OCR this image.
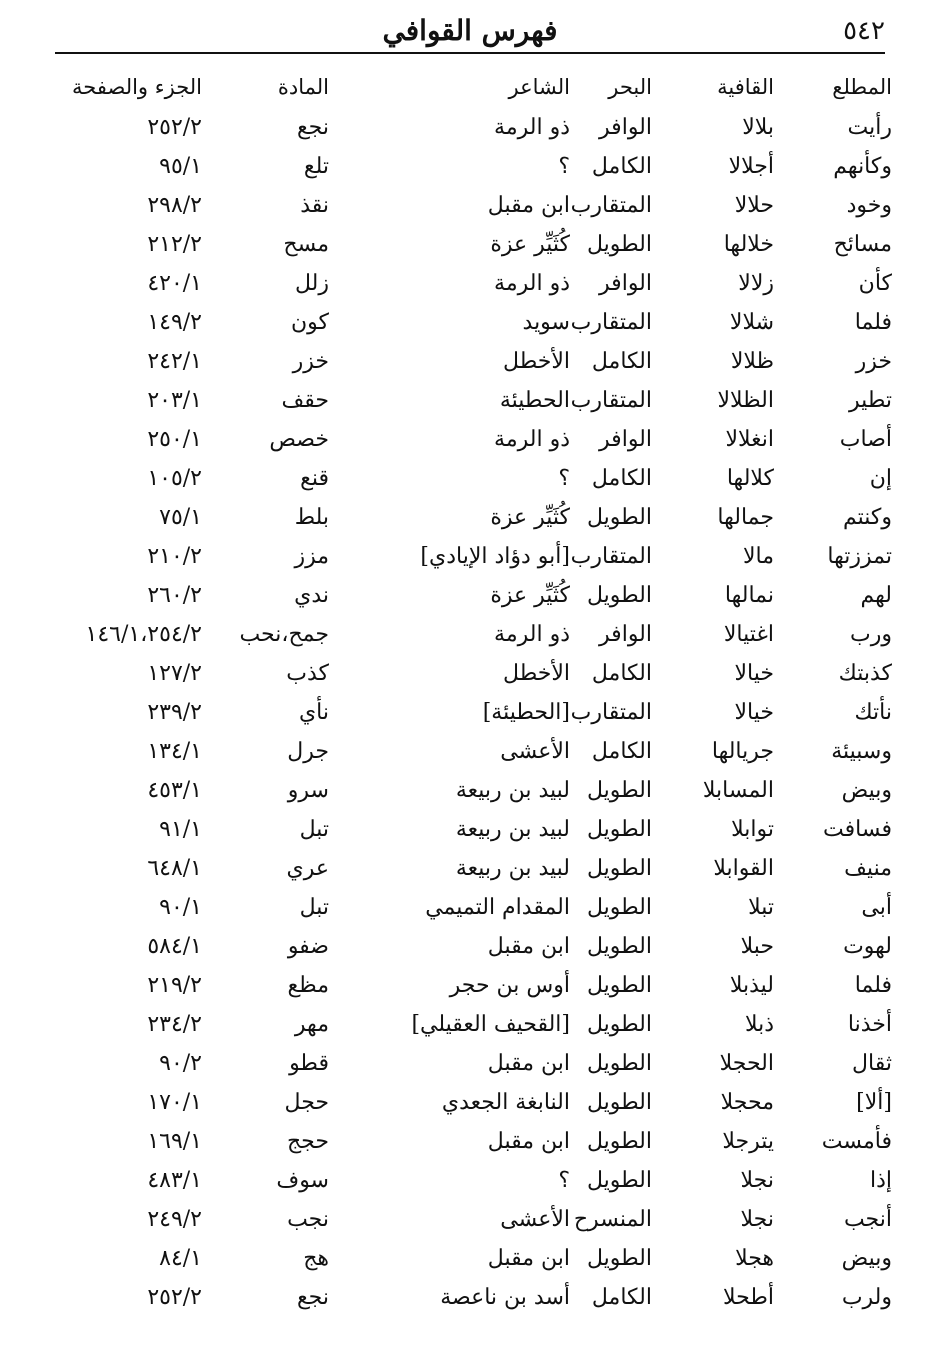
٥٤٢
فهرس القوافي
المطلع
القافية
البحر
الشاعر
المادة
الجزء والصفحة
رأيت
بلالا
الوافر
ذو الرمة
نجع
٢٥٢/٢
وكأنهم
أجلالا
الكامل
؟
تلع
٩٥/١
وخود
حلالا
المتقارب
ابن مقبل
نقذ
٢٩٨/٢
مسائح
خلالها
الطويل
كُثَيِّر عزة
مسح
٢١٢/٢
كأن
زلالا
الوافر
ذو الرمة
زلل
٤٢٠/١
فلما
شلالا
المتقارب
سويد
كون
١٤٩/٢
خزر
ظلالا
الكامل
الأخطل
خزر
٢٤٢/١
تطير
الظلالا
المتقارب
الحطيئة
حقف
٢٠٣/١
أصاب
انغلالا
الوافر
ذو الرمة
خصص
٢٥٠/١
إن
كلالها
الكامل
؟
قنع
١٠٥/٢
وكنتم
جمالها
الطويل
كُثَيِّر عزة
بلط
٧٥/١
تمززتها
مالا
المتقارب
[أبو دؤاد الإيادي]
مزز
٢١٠/٢
لهم
نمالها
الطويل
كُثَيِّر عزة
ندي
٢٦٠/٢
ورب
اغتيالا
الوافر
ذو الرمة
جمح،نحب
١٤٦/١،٢٥٤/٢
كذبتك
خيالا
الكامل
الأخطل
كذب
١٢٧/٢
نأتك
خيالا
المتقارب
[الحطيئة]
نأي
٢٣٩/٢
وسبيئة
جريالها
الكامل
الأعشى
جرل
١٣٤/١
وبيض
المسابلا
الطويل
لبيد بن ربيعة
سرو
٤٥٣/١
فسافت
توابلا
الطويل
لبيد بن ربيعة
تبل
٩١/١
منيف
القوابلا
الطويل
لبيد بن ربيعة
عري
٦٤٨/١
أبى
تبلا
الطويل
المقدام التميمي
تبل
٩٠/١
لهوت
حبلا
الطويل
ابن مقبل
ضفو
٥٨٤/١
فلما
ليذبلا
الطويل
أوس بن حجر
مظع
٢١٩/٢
أخذنا
ذبلا
الطويل
[القحيف العقيلي]
مهر
٢٣٤/٢
ثقال
الحجلا
الطويل
ابن مقبل
قطو
٩٠/٢
[ألا]
محجلا
الطويل
النابغة الجعدي
حجل
١٧٠/١
فأمست
يترجلا
الطويل
ابن مقبل
حجج
١٦٩/١
إذا
نجلا
الطويل
؟
سوف
٤٨٣/١
أنجب
نجلا
المنسرح
الأعشى
نجب
٢٤٩/٢
وبيض
هجلا
الطويل
ابن مقبل
هج
٨٤/١
ولرب
أطحلا
الكامل
أسد بن ناعصة
نجع
٢٥٢/٢
